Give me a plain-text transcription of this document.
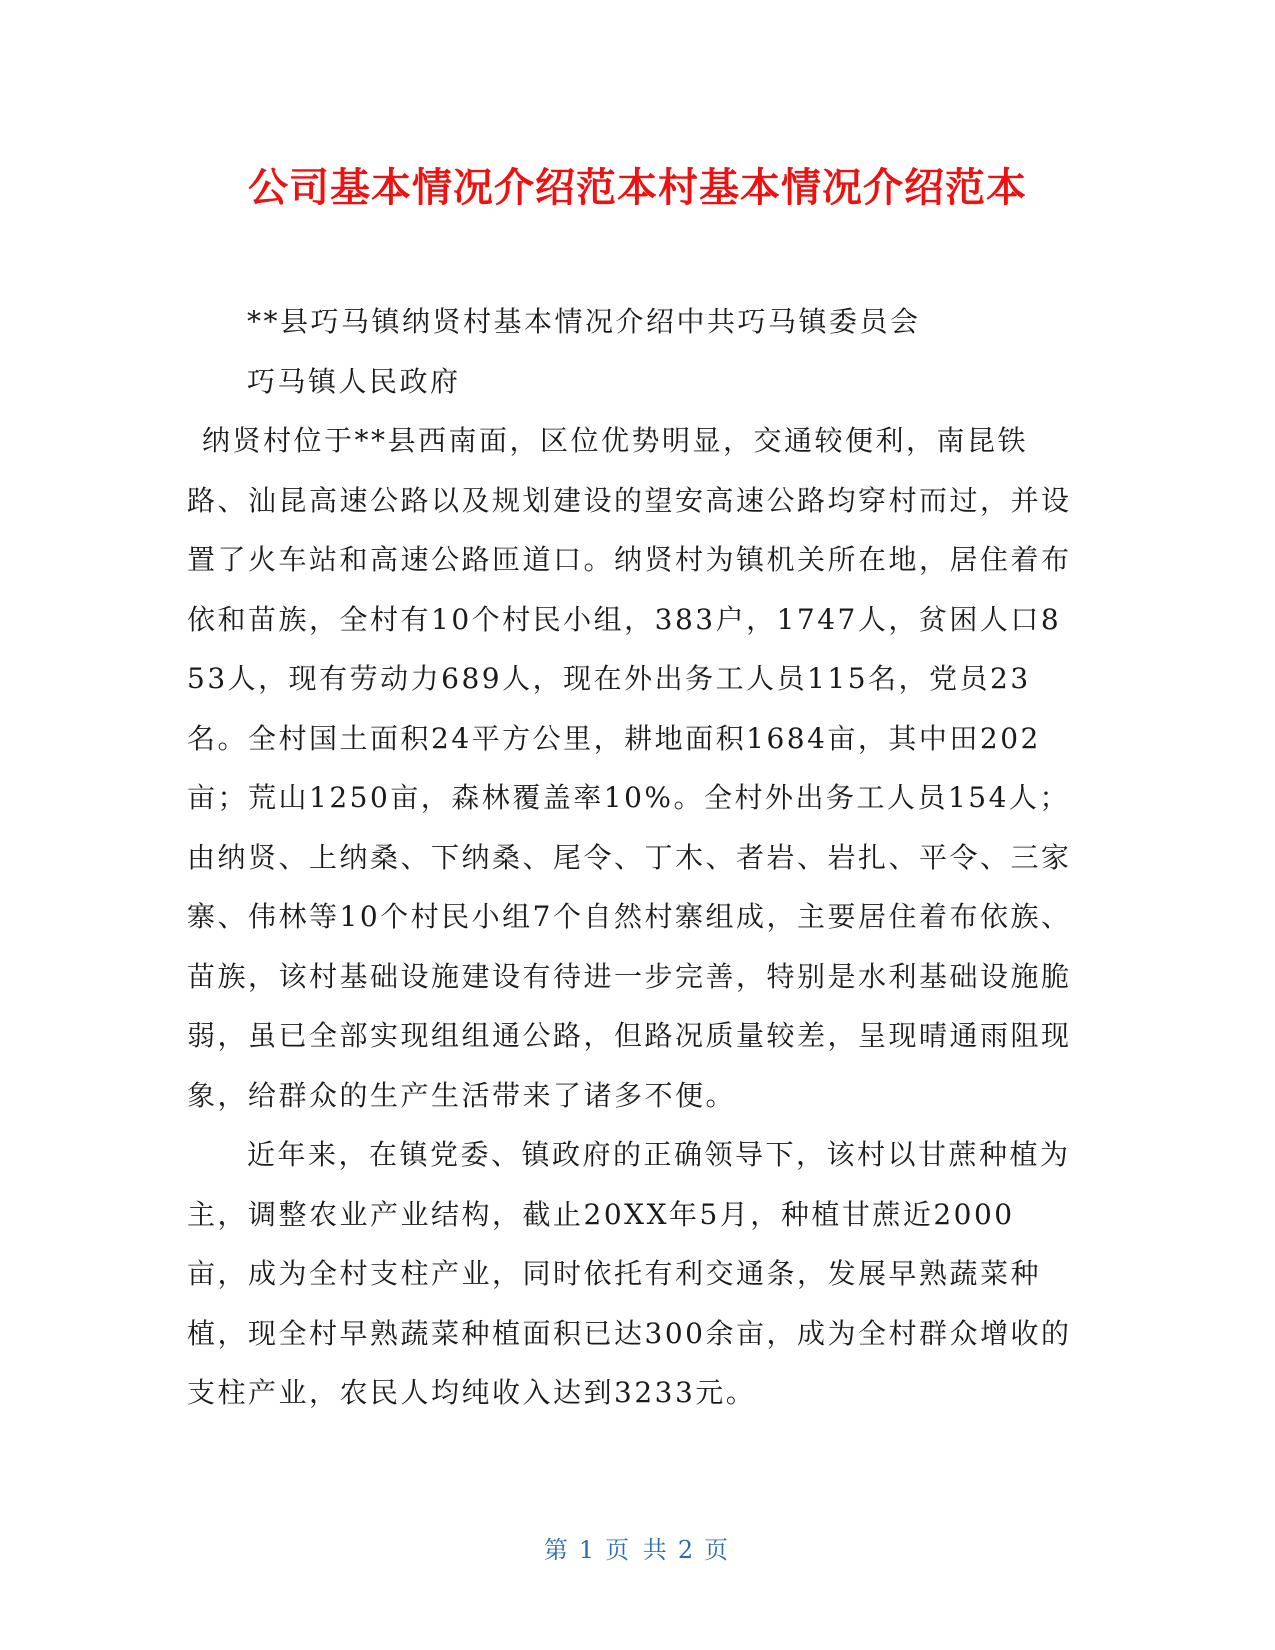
公司基本情况介绍范本村基本情况介绍范本

**县巧马镇纳贤村基本情况介绍中共巧马镇委员会

巧马镇人民政府

纳贤村位于**县西南面，区位优势明显，交通较便利，南昆铁路、汕昆高速公路以及规划建设的望安高速公路均穿村而过，并设置了火车站和高速公路匝道口。纳贤村为镇机关所在地，居住着布依和苗族，全村有10个村民小组，383户，1747人，贫困人口853人，现有劳动力689人，现在外出务工人员115名，党员23名。全村国土面积24平方公里，耕地面积1684亩，其中田202亩；荒山1250亩，森林覆盖率10%。全村外出务工人员154人；由纳贤、上纳桑、下纳桑、尾令、丁木、者岩、岩扎、平令、三家寨、伟林等10个村民小组7个自然村寨组成，主要居住着布依族、苗族，该村基础设施建设有待进一步完善，特别是水利基础设施脆弱，虽已全部实现组组通公路，但路况质量较差，呈现晴通雨阻现象，给群众的生产生活带来了诸多不便。

近年来，在镇党委、镇政府的正确领导下，该村以甘蔗种植为主，调整农业产业结构，截止20XX年5月，种植甘蔗近2000亩，成为全村支柱产业，同时依托有利交通条，发展早熟蔬菜种植，现全村早熟蔬菜种植面积已达300余亩，成为全村群众增收的支柱产业，农民人均纯收入达到3233元。

第 1 页 共 2 页
